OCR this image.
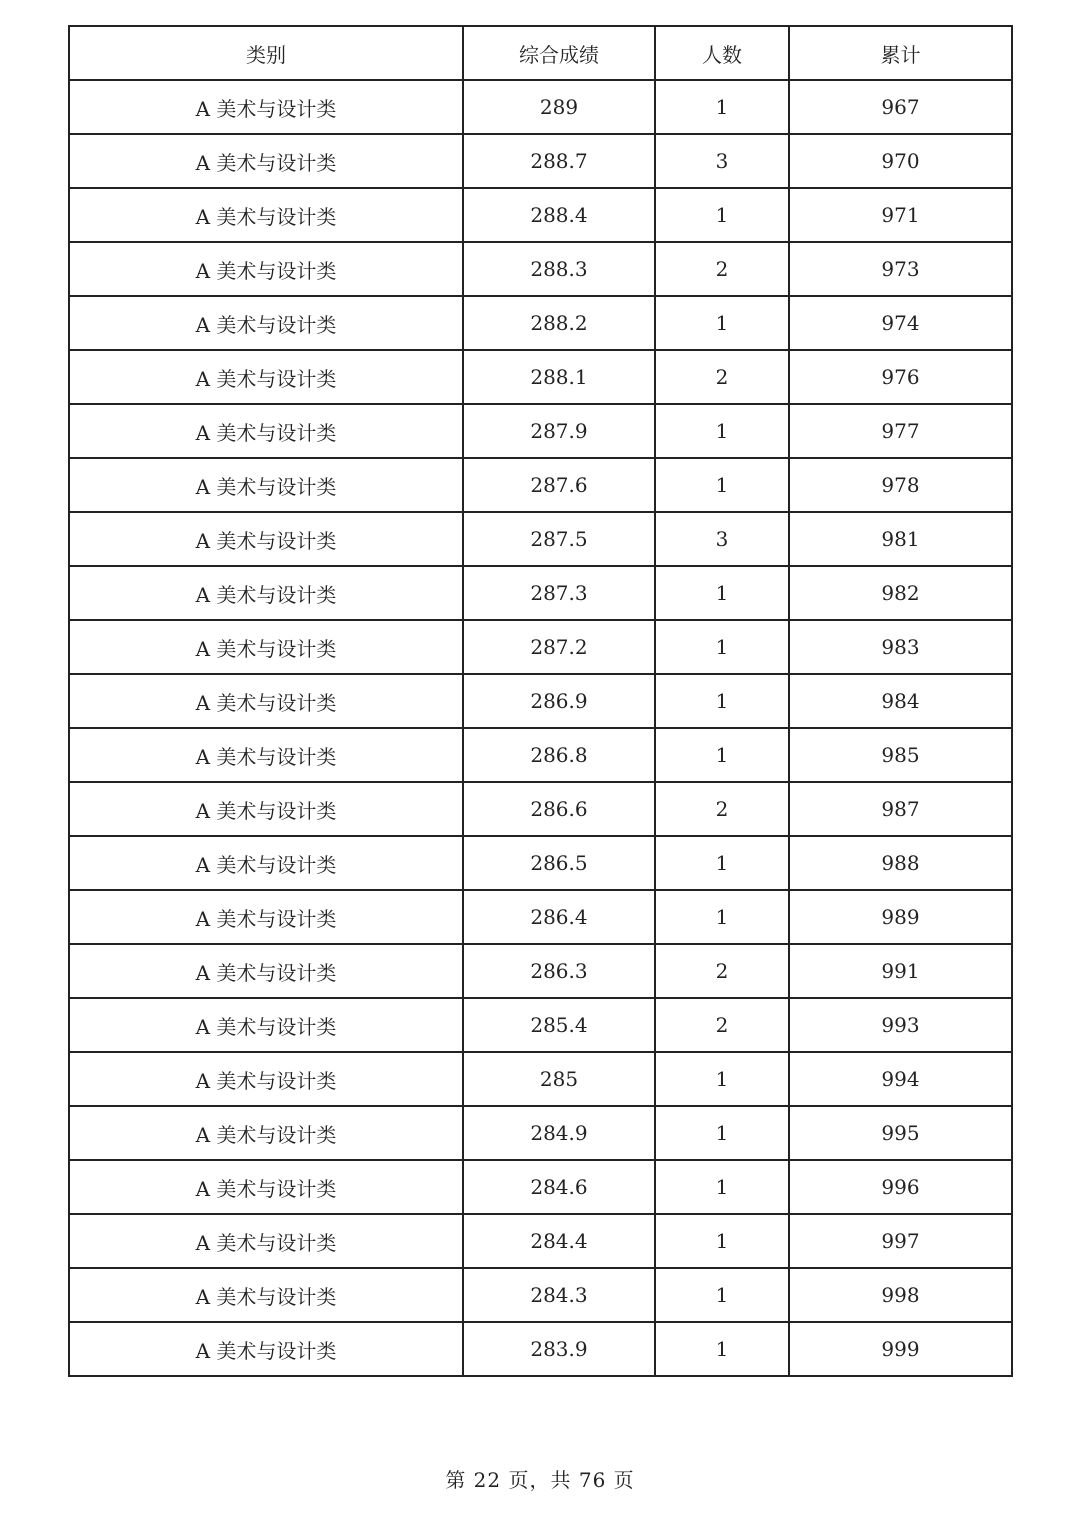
类别	综合成绩	人数	累计
A 美术与设计类	289	1	967
A 美术与设计类	288.7	3	970
A 美术与设计类	288.4	1	971
A 美术与设计类	288.3	2	973
A 美术与设计类	288.2	1	974
A 美术与设计类	288.1	2	976
A 美术与设计类	287.9	1	977
A 美术与设计类	287.6	1	978
A 美术与设计类	287.5	3	981
A 美术与设计类	287.3	1	982
A 美术与设计类	287.2	1	983
A 美术与设计类	286.9	1	984
A 美术与设计类	286.8	1	985
A 美术与设计类	286.6	2	987
A 美术与设计类	286.5	1	988
A 美术与设计类	286.4	1	989
A 美术与设计类	286.3	2	991
A 美术与设计类	285.4	2	993
A 美术与设计类	285	1	994
A 美术与设计类	284.9	1	995
A 美术与设计类	284.6	1	996
A 美术与设计类	284.4	1	997
A 美术与设计类	284.3	1	998
A 美术与设计类	283.9	1	999
第 22 页，共 76 页
